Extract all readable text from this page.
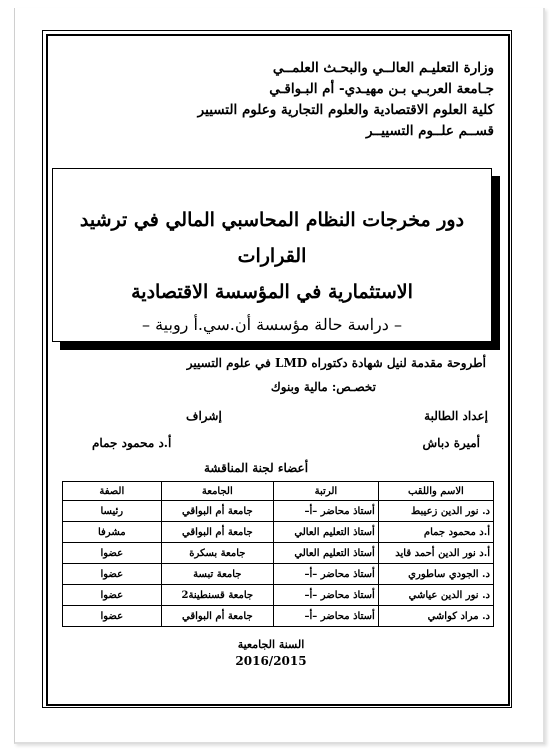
وزارة التعليـم العالــي والبحـث العلمــي
جـامعة العربـي بـن مهيـدي- أم البـواقـي
كلية العلوم الاقتصادية والعلوم التجارية وعلوم التسيير
قســم علــوم التسييــر
دور مخرجات النظام المحاسبي المالي في ترشيد القرارات
الاستثمارية في المؤسسة الاقتصادية
– دراسة حالة مؤسسة أن.سي.أ روبية –
أطروحة مقدمة لنيل شهادة دكتوراه LMD في علوم التسيير
تخصـص: مالية وبنوك
إعداد الطالبة
إشراف
أميرة دباش
أ.د محمود جمام
أعضاء لجنة المناقشة
الاسم واللقب	الرتبة	الجامعة	الصفة
د. نور الدين زعيبط	أستاذ محاضر –أ–	جامعة أم البواقي	رئيسا
أ.د محمود جمام	أستاذ التعليم العالي	جامعة أم البواقي	مشرفا
أ.د نور الدين أحمد قايد	أستاذ التعليم العالي	جامعة بسكرة	عضوا
د. الجودي ساطوري	أستاذ محاضر –أ–	جامعة تبسة	عضوا
د. نور الدين عياشي	أستاذ محاضر –أ–	جامعة قسنطينة2	عضوا
د. مراد كواشي	أستاذ محاضر –أ–	جامعة أم البواقي	عضوا
السنة الجامعية
2016/2015
